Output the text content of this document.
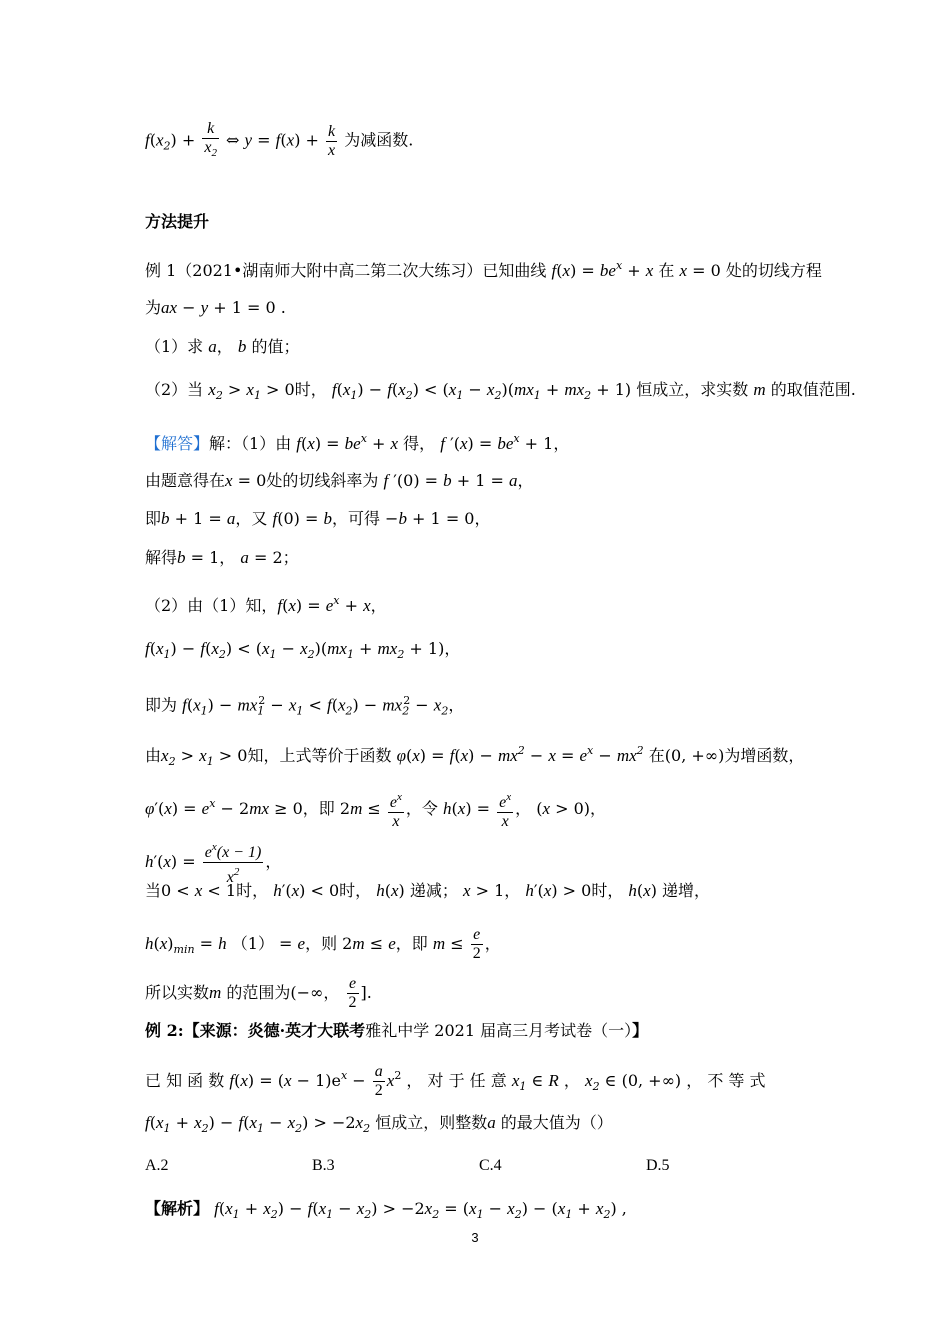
$f(x_2) + \frac{k}{x_2}$ ⇔ $y = f(x) + \frac{k}{x}$ 为减函数.
方法提升
例 1（2021•湖南师大附中高二第二次大练习）已知曲线 $f(x) = be^x + x$ 在 x = 0 处的切线方程
为ax − y + 1 = 0 .
（1）求 a， b 的值；
（2）当 $x_2 > x_1 > 0$时， $f(x_1) - f(x_2) < (x_1 - x_2)(mx_1 + mx_2 + 1)$ 恒成立，求实数 m 的取值范围.
【解答】解：（1）由 $f(x) = be^x + x$ 得， f $'(x) = be^x + 1$，
由题意得在x = 0处的切线斜率为 f ′(0) = b + 1 = a，
即b + 1 = a，又 f(0) = b，可得 −b + 1 = 0，
解得b = 1， a = 2；
（2）由（1）知，$f(x) = e^x + x$，
$f(x_1) - f(x_2) < (x_1 - x_2)(mx_1 + mx_2 + 1)$，
即为 $f(x_1) - mx_1^2 - x_1 < f(x_2) - mx_2^2 - x_2$，
由$x_2 > x_1 > 0$知，上式等价于函数 $\varphi(x) = f(x) - mx^2 - x = e^x - mx^2$ 在(0, +∞)为增函数，
$\varphi'(x) = e^x - 2mx \ge 0$，即 $2m \le \frac{e^x}{x}$ ，令 $h(x) = \frac{e^x}{x}$ ， (x > 0)，
$h'(x) = \frac{e^x(x - 1)}{x^2}$ ，
当0 < x < 1时， h′(x) < 0时， h(x) 递减； x > 1， h′(x) > 0时， h(x) 递增，
$h(x)_{min} = h$ （1） = e，则 2m ≤ e，即 $m \le \frac{e}{2}$ ，
所以实数m 的范围为(−∞， $\frac{e}{2}$ ].
例 2:【来源：炎德·英才大联考雅礼中学 2021 届高三月考试卷（一）】
已 知 函 数 $f(x) = (x - 1)e^x - \frac{a}{2} x^2$ ， 对 于 任 意 $x_1$ ∈ R ， $x_2$ ∈ (0, +∞) ， 不 等 式
$f(x_1 + x_2) - f(x_1 - x_2) > -2x_2$ 恒成立，则整数a 的最大值为（）
A.2	B.3	C.4	D.5
【解析】 $f(x_1 + x_2) - f(x_1 - x_2) > -2x_2 = (x_1 - x_2) - (x_1 + x_2)$ ,
3
